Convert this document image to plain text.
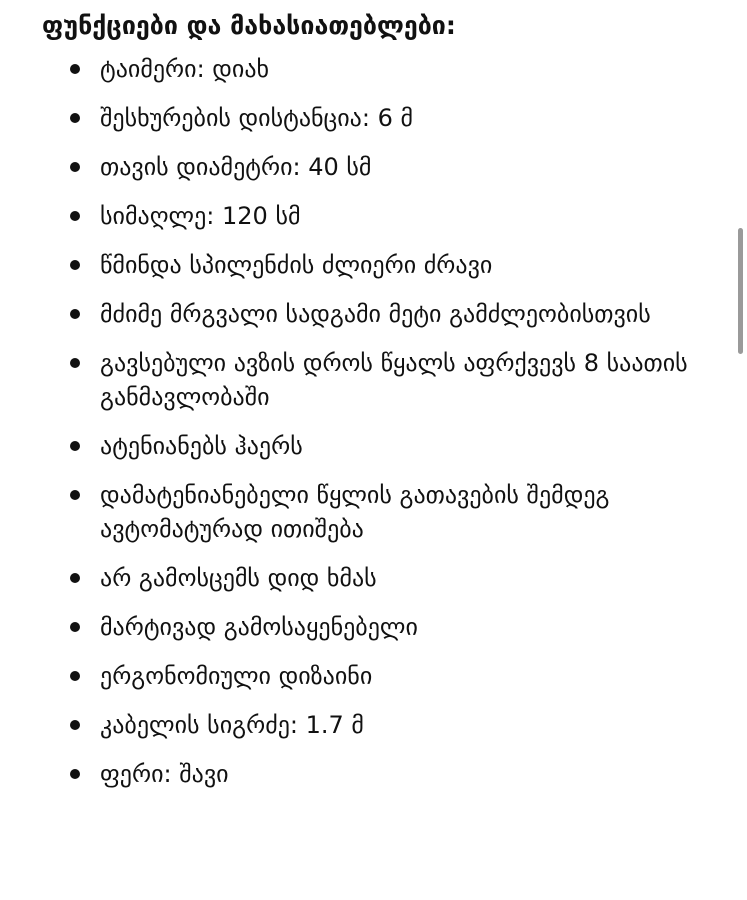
ფუნქციები და მახასიათებლები:
ტაიმერი: დიახ
შესხურების დისტანცია: 6 მ
თავის დიამეტრი: 40 სმ
სიმაღლე: 120 სმ
წმინდა სპილენძის ძლიერი ძრავი
მძიმე მრგვალი სადგამი მეტი გამძლეობისთვის
გავსებული ავზის დროს წყალს აფრქვევს 8 საათის განმავლობაში
ატენიანებს ჰაერს
დამატენიანებელი წყლის გათავების შემდეგ ავტომატურად ითიშება
არ გამოსცემს დიდ ხმას
მარტივად გამოსაყენებელი
ერგონომიული დიზაინი
კაბელის სიგრძე: 1.7 მ
ფერი: შავი
